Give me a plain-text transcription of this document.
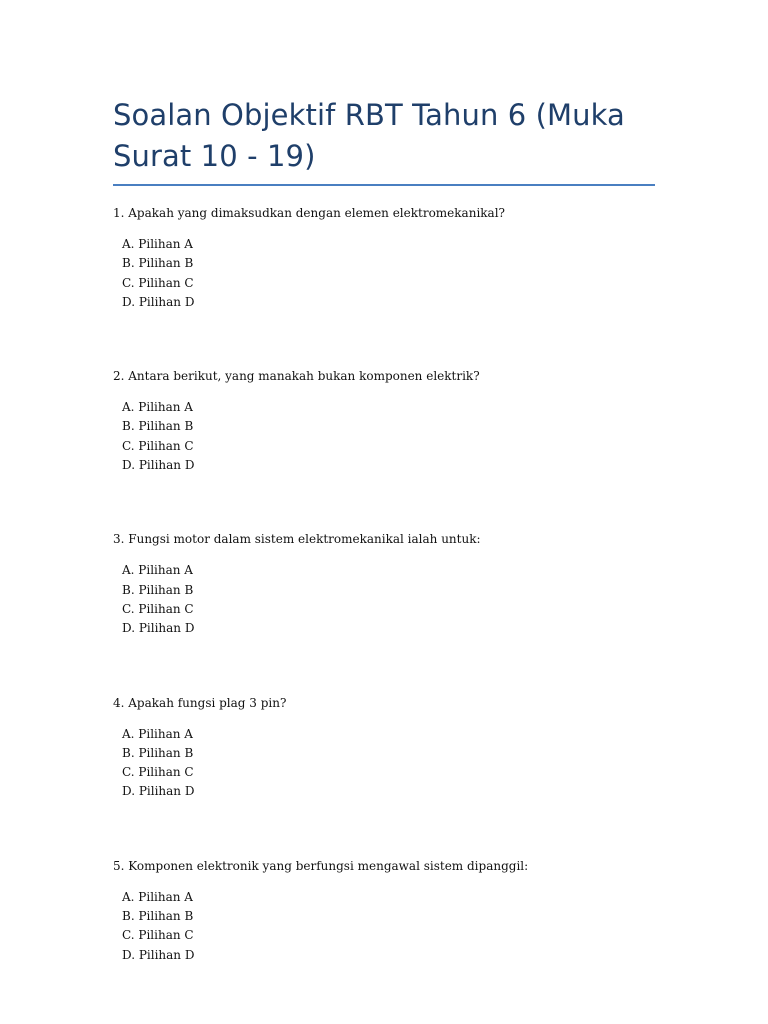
Soalan Objektif RBT Tahun 6 (Muka Surat 10 - 19)

1. Apakah yang dimaksudkan dengan elemen elektromekanikal?

A. Pilihan A
B. Pilihan B
C. Pilihan C
D. Pilihan D

2. Antara berikut, yang manakah bukan komponen elektrik?

A. Pilihan A
B. Pilihan B
C. Pilihan C
D. Pilihan D

3. Fungsi motor dalam sistem elektromekanikal ialah untuk:

A. Pilihan A
B. Pilihan B
C. Pilihan C
D. Pilihan D

4. Apakah fungsi plag 3 pin?

A. Pilihan A
B. Pilihan B
C. Pilihan C
D. Pilihan D

5. Komponen elektronik yang berfungsi mengawal sistem dipanggil:

A. Pilihan A
B. Pilihan B
C. Pilihan C
D. Pilihan D
